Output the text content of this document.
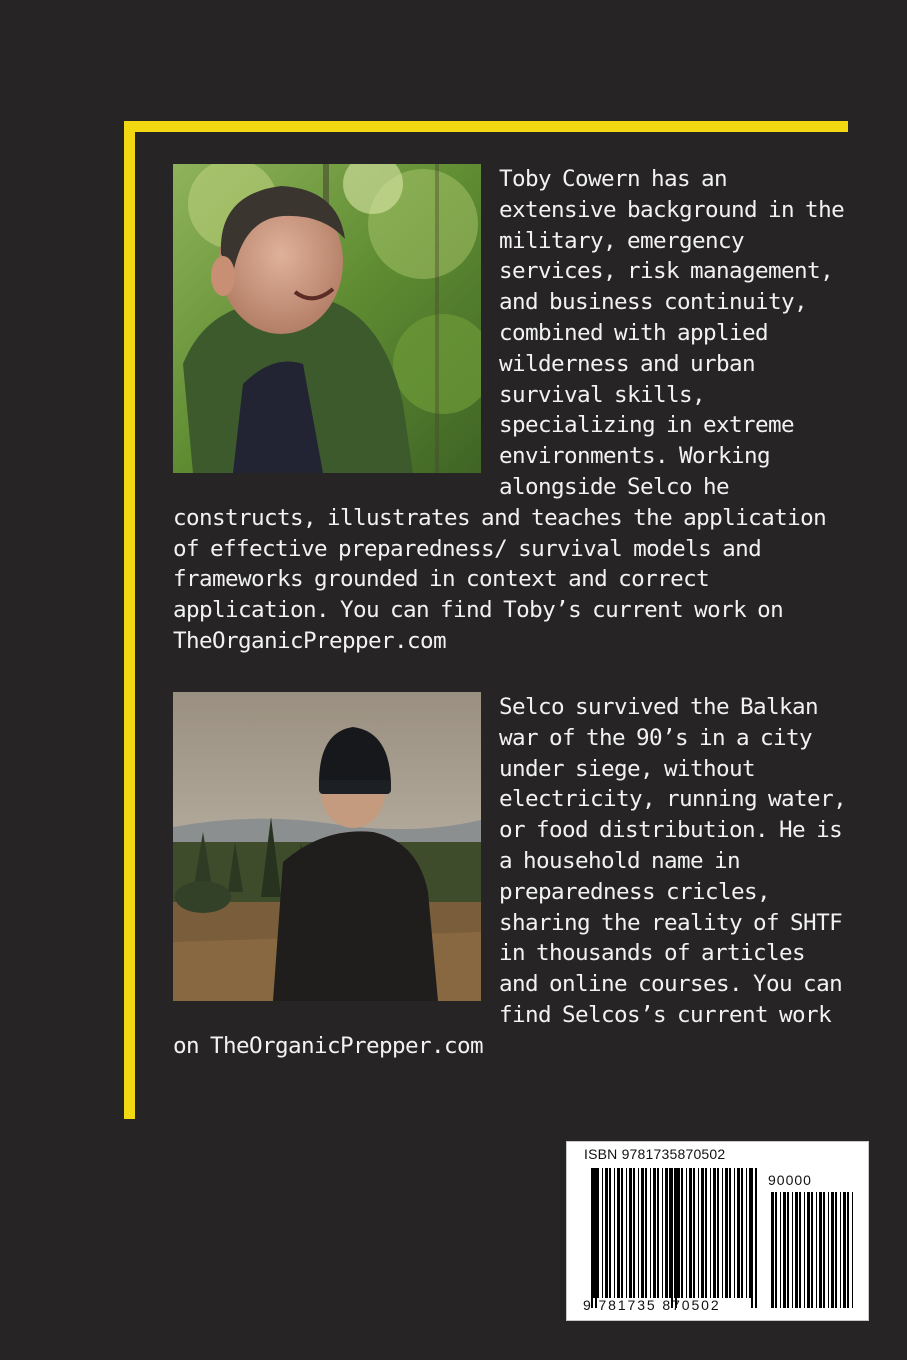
Toby Cowern has an extensive background in the military, emergency services, risk management, and business continuity, combined with applied wilderness and urban survival skills, specializing in extreme environments. Working alongside Selco he constructs, illustrates and teaches the application of effective preparedness/ survival models and frameworks grounded in context and correct application. You can find Toby’s current work on TheOrganicPrepper.com

Selco survived the Balkan war of the 90’s in a city under siege, without electricity, running water, or food distribution. He is a household name in preparedness cricles, sharing the reality of SHTF in thousands of articles and online courses. You can find Selcos’s current work on TheOrganicPrepper.com

ISBN 9781735870502
9 781735 870502
90000
